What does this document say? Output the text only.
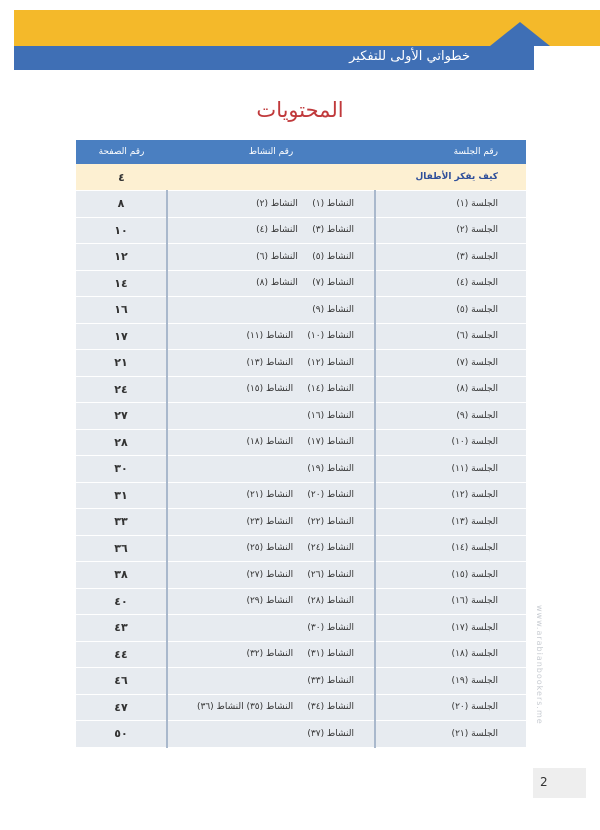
خطواتي الأولى للتفكير
المحتويات
رقم الجلسة	رقم النشاط	رقم الصفحة
كيف يفكر الأطفال		٤
الجلسة (١)	النشاط (١)     النشاط (٢)	٨
الجلسة (٢)	النشاط (٣)     النشاط (٤)	١٠
الجلسة (٣)	النشاط (٥)     النشاط (٦)	١٢
الجلسة (٤)	النشاط (٧)     النشاط (٨)	١٤
الجلسة (٥)	النشاط (٩)	١٦
الجلسة (٦)	النشاط (١٠)     النشاط (١١)	١٧
الجلسة (٧)	النشاط (١٢)     النشاط (١٣)	٢١
الجلسة (٨)	النشاط (١٤)     النشاط (١٥)	٢٤
الجلسة (٩)	النشاط (١٦)	٢٧
الجلسة (١٠)	النشاط (١٧)     النشاط (١٨)	٢٨
الجلسة (١١)	النشاط (١٩)	٣٠
الجلسة (١٢)	النشاط (٢٠)     النشاط (٢١)	٣١
الجلسة (١٣)	النشاط (٢٢)     النشاط (٢٣)	٣٣
الجلسة (١٤)	النشاط (٢٤)     النشاط (٢٥)	٣٦
الجلسة (١٥)	النشاط (٢٦)     النشاط (٢٧)	٣٨
الجلسة (١٦)	النشاط (٢٨)     النشاط (٢٩)	٤٠
الجلسة (١٧)	النشاط (٣٠)	٤٣
الجلسة (١٨)	النشاط (٣١)     النشاط (٣٢)	٤٤
الجلسة (١٩)	النشاط (٣٣)	٤٦
الجلسة (٢٠)	النشاط (٣٤)     النشاط (٣٥) النشاط (٣٦)	٤٧
الجلسة (٢١)	النشاط (٣٧)	٥٠
www.arabianbookers.me
2
